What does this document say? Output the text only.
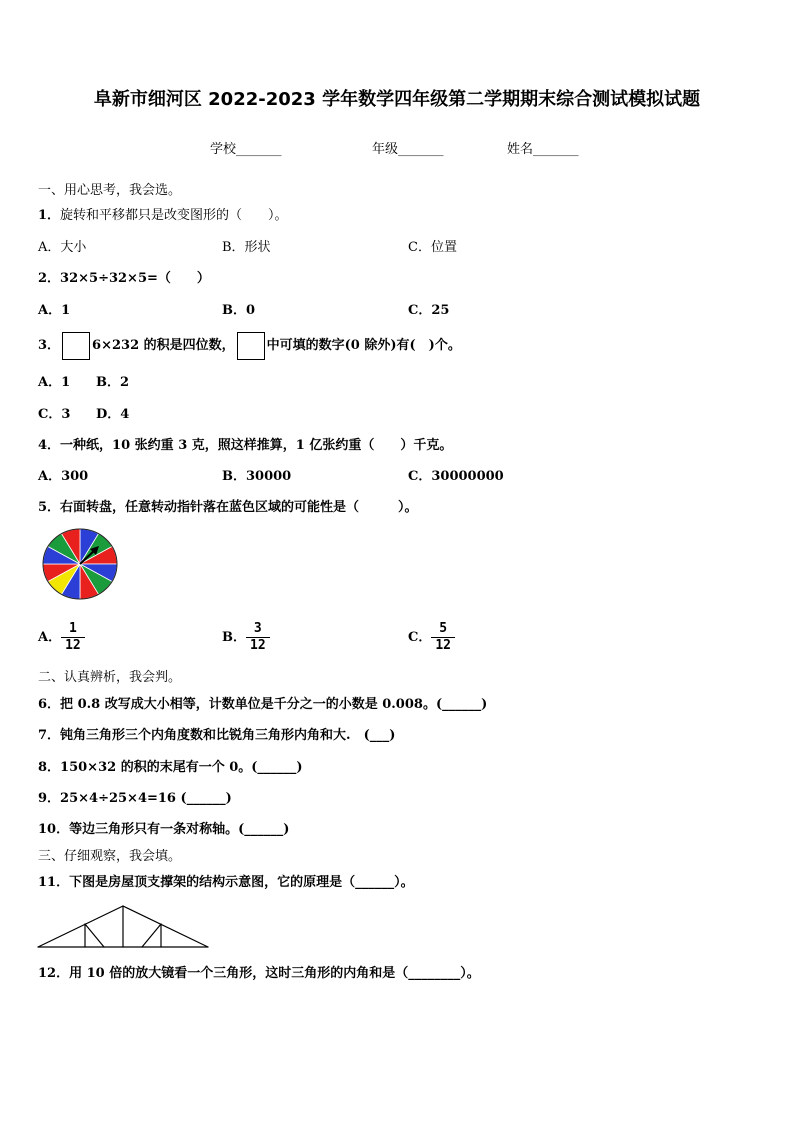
阜新市细河区 2022-2023 学年数学四年级第二学期期末综合测试模拟试题
学校_______	年级_______	姓名_______
一、用心思考，我会选。
1．旋转和平移都只是改变图形的（　　）。
A．大小	B．形状	C．位置
2．32×5÷32×5=（　　）
A．1	B．0	C．25
3． 6×232 的积是四位数， 中可填的数字(0 除外)有(　)个。
A．1 B．2
C．3 D．4
4．一种纸，10 张约重 3 克，照这样推算，1 亿张约重（　　）千克。
A．300	B．30000	C．30000000
5．右面转盘，任意转动指针落在蓝色区域的可能性是（　　　）。
A． $\frac{1}{12}$	B． $\frac{3}{12}$	C． $\frac{5}{12}$
二、认真辨析，我会判。
6．把 0.8 改写成大小相等，计数单位是千分之一的小数是 0.008。(______)
7．钝角三角形三个内角度数和比锐角三角形内角和大.　(___)
8．150×32 的积的末尾有一个 0。(______)
9．25×4÷25×4=16 (______)
10．等边三角形只有一条对称轴。(______)
三、仔细观察，我会填。
11．下图是房屋顶支撑架的结构示意图，它的原理是（______）。
12．用 10 倍的放大镜看一个三角形，这时三角形的内角和是（________）。
